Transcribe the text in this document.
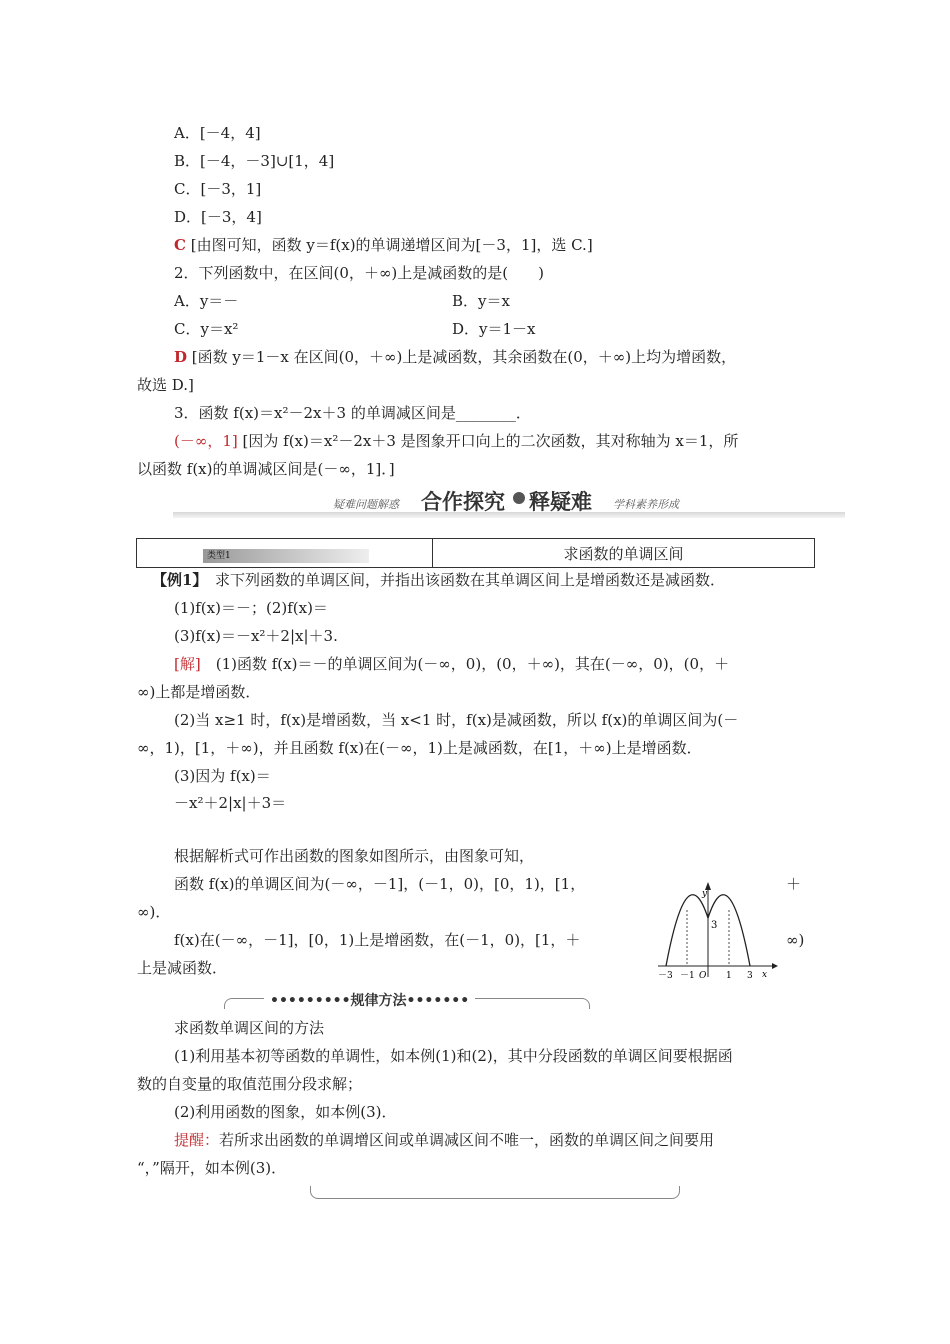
A．[－4，4]
B．[－4，－3]∪[1，4]
C．[－3，1]
D．[－3，4]
C [由图可知，函数 y＝f(x)的单调递增区间为[－3，1]，选 C.]
2．下列函数中，在区间(0，＋∞)上是减函数的是(　　)
A．y＝－	B．y＝x
C．y＝x²	D．y＝1－x
D [函数 y＝1－x 在区间(0，＋∞)上是减函数，其余函数在(0，＋∞)上均为增函数，
故选 D.]
3．函数 f(x)＝x²－2x＋3 的单调减区间是________．
(－∞，1] [因为 f(x)＝x²－2x＋3 是图象开口向上的二次函数，其对称轴为 x＝1，所
以函数 f(x)的单调减区间是(－∞，1]．]
疑难问题解惑 合作探究 释疑难 学科素养形成
类型1	求函数的单调区间
【例1】　求下列函数的单调区间，并指出该函数在其单调区间上是增函数还是减函数．
(1)f(x)＝－；(2)f(x)＝
(3)f(x)＝－x²＋2|x|＋3.
[解]　(1)函数 f(x)＝－的单调区间为(－∞，0)，(0，＋∞)，其在(－∞，0)，(0，＋
∞)上都是增函数．
(2)当 x≥1 时，f(x)是增函数，当 x<1 时，f(x)是减函数，所以 f(x)的单调区间为(－
∞，1)，[1，＋∞)，并且函数 f(x)在(－∞，1)上是减函数，在[1，＋∞)上是增函数．
(3)因为 f(x)＝
－x²＋2|x|＋3＝
根据解析式可作出函数的图象如图所示，由图象可知，
函数 f(x)的单调区间为(－∞，－1]，(－1，0)，[0，1)，[1，	＋
∞)．
f(x)在(－∞，－1]，[0，1)上是增函数，在(－1，0)，[1，＋	∞)
上是减函数．
y
x
3
－3 －1 O 1 3
•••••••••规律方法•••••••
求函数单调区间的方法
(1)利用基本初等函数的单调性，如本例(1)和(2)，其中分段函数的单调区间要根据函
数的自变量的取值范围分段求解；
(2)利用函数的图象，如本例(3)．
提醒：若所求出函数的单调增区间或单调减区间不唯一，函数的单调区间之间要用
“，”隔开，如本例(3)．
